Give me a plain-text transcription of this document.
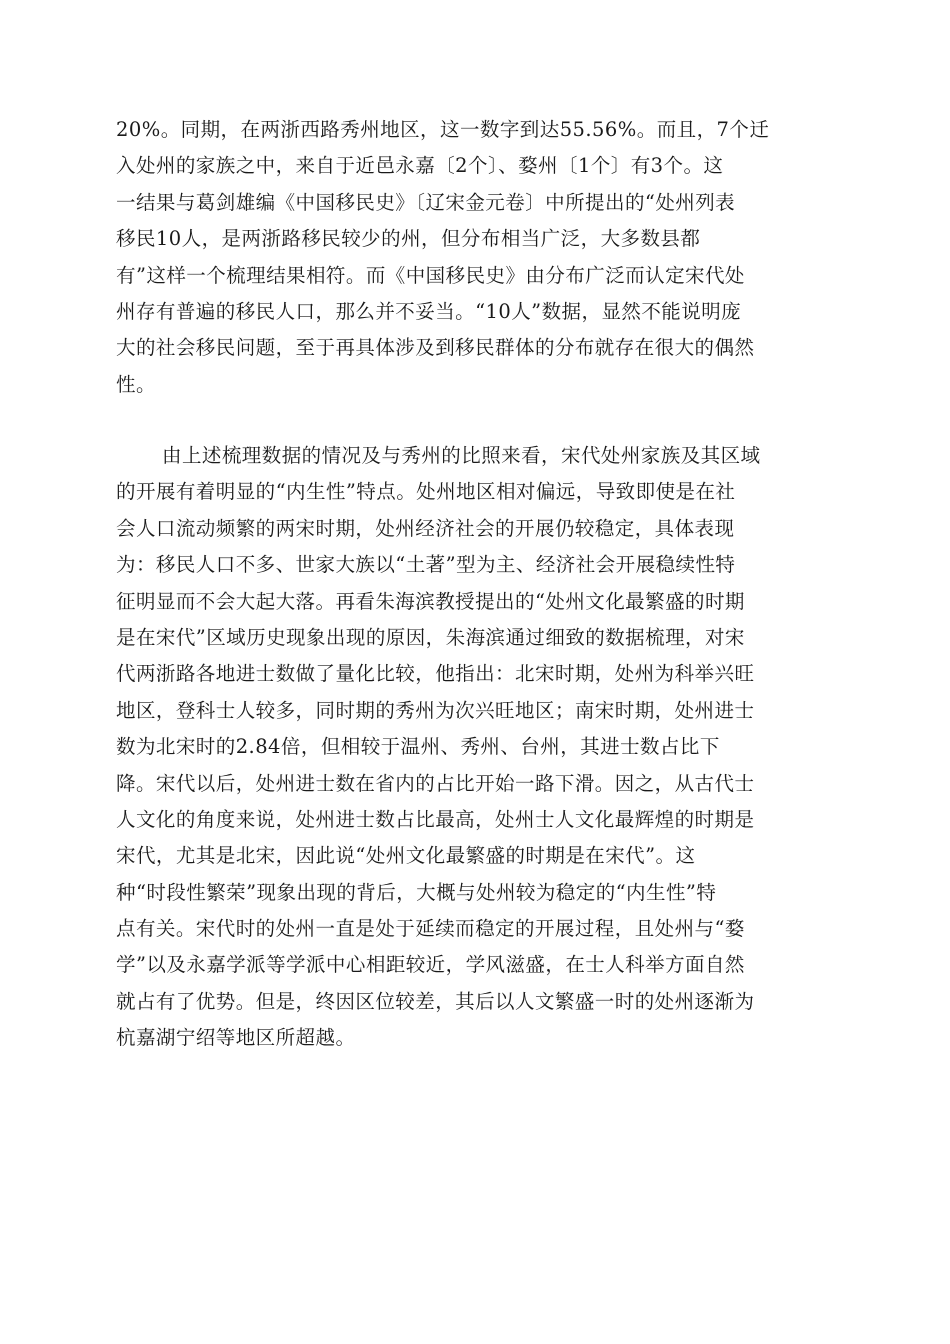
20%。同期，在两浙西路秀州地区，这一数字到达55.56%。而且，7个迁
入处州的家族之中，来自于近邑永嘉〔2个〕、婺州〔1个〕有3个。这
一结果与葛剑雄编《中国移民史》〔辽宋金元卷〕中所提出的“处州列表
移民10人，是两浙路移民较少的州，但分布相当广泛，大多数县都
有”这样一个梳理结果相符。而《中国移民史》由分布广泛而认定宋代处
州存有普遍的移民人口，那么并不妥当。“10人”数据，显然不能说明庞
大的社会移民问题，至于再具体涉及到移民群体的分布就存在很大的偶然
性。
由上述梳理数据的情况及与秀州的比照来看，宋代处州家族及其区域
的开展有着明显的“内生性”特点。处州地区相对偏远，导致即使是在社
会人口流动频繁的两宋时期，处州经济社会的开展仍较稳定，具体表现
为：移民人口不多、世家大族以“土著”型为主、经济社会开展稳续性特
征明显而不会大起大落。再看朱海滨教授提出的“处州文化最繁盛的时期
是在宋代”区域历史现象出现的原因，朱海滨通过细致的数据梳理，对宋
代两浙路各地进士数做了量化比较，他指出：北宋时期，处州为科举兴旺
地区，登科士人较多，同时期的秀州为次兴旺地区；南宋时期，处州进士
数为北宋时的2.84倍，但相较于温州、秀州、台州，其进士数占比下
降。宋代以后，处州进士数在省内的占比开始一路下滑。因之，从古代士
人文化的角度来说，处州进士数占比最高，处州士人文化最辉煌的时期是
宋代，尤其是北宋，因此说“处州文化最繁盛的时期是在宋代”。这
种“时段性繁荣”现象出现的背后，大概与处州较为稳定的“内生性”特
点有关。宋代时的处州一直是处于延续而稳定的开展过程，且处州与“婺
学”以及永嘉学派等学派中心相距较近，学风滋盛，在士人科举方面自然
就占有了优势。但是，终因区位较差，其后以人文繁盛一时的处州逐渐为
杭嘉湖宁绍等地区所超越。
